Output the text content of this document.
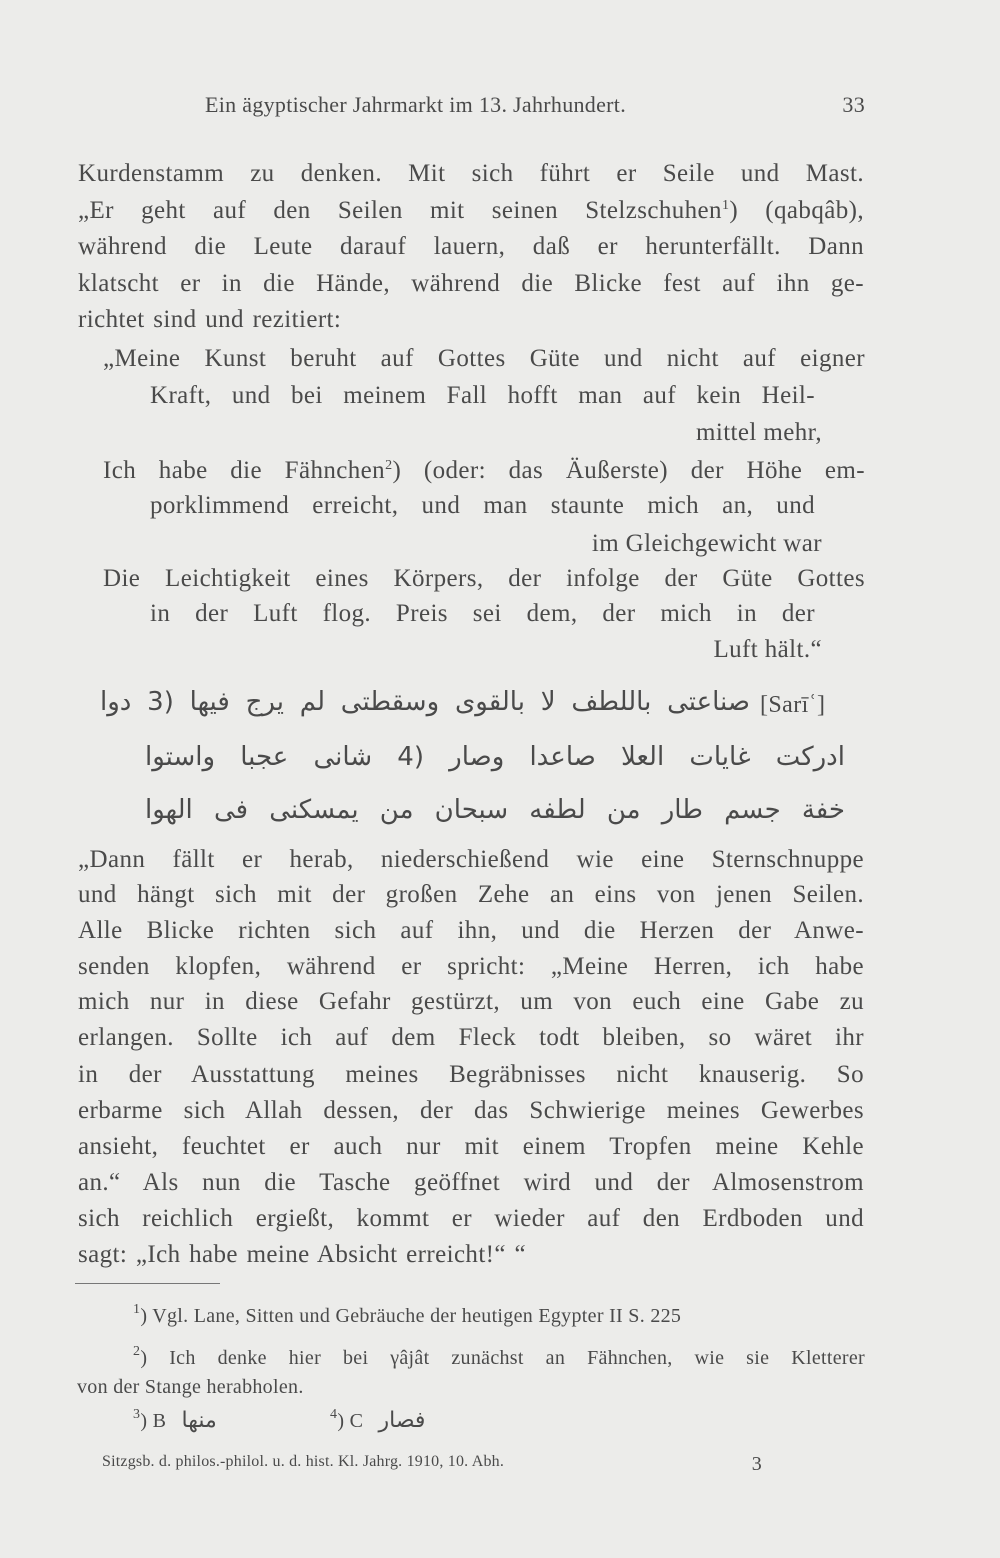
Ein ägyptischer Jahrmarkt im 13. Jahrhundert.	33
Kurdenstamm zu denken. Mit sich führt er Seile und Mast.
„Er geht auf den Seilen mit seinen Stelzschuhen$^1$) (qabqâb),
während die Leute darauf lauern, daß er herunterfällt. Dann
klatscht er in die Hände, während die Blicke fest auf ihn ge-
richtet sind und rezitiert:
„Meine Kunst beruht auf Gottes Güte und nicht auf eigner
Kraft, und bei meinem Fall hofft man auf kein Heil-
mittel mehr,
Ich habe die Fähnchen$^2$) (oder: das Äußerste) der Höhe em-
porklimmend erreicht, und man staunte mich an, und
im Gleichgewicht war
Die Leichtigkeit eines Körpers, der infolge der Güte Gottes
in der Luft flog. Preis sei dem, der mich in der
Luft hält.“
[Sarīʿ]
صناعتى باللطف لا بالقوى وسقطتى لم يرج فيها (3 دوا
ادركت غايات العلا صاعدا وصار (4 شانى عجبا واستوا
خفة جسم طار من لطفه سبحان من يمسكنى فى الهوا
„Dann fällt er herab, niederschießend wie eine Sternschnuppe
und hängt sich mit der großen Zehe an eins von jenen Seilen.
Alle Blicke richten sich auf ihn, und die Herzen der Anwe-
senden klopfen, während er spricht: „Meine Herren, ich habe
mich nur in diese Gefahr gestürzt, um von euch eine Gabe zu
erlangen. Sollte ich auf dem Fleck todt bleiben, so wäret ihr
in der Ausstattung meines Begräbnisses nicht knauserig. So
erbarme sich Allah dessen, der das Schwierige meines Gewerbes
ansieht, feuchtet er auch nur mit einem Tropfen meine Kehle
an.“ Als nun die Tasche geöffnet wird und der Almosenstrom
sich reichlich ergießt, kommt er wieder auf den Erdboden und
sagt: „Ich habe meine Absicht erreicht!“ “
$^1$) Vgl. Lane, Sitten und Gebräuche der heutigen Egypter II S. 225
$^2$) Ich denke hier bei γâjât zunächst an Fähnchen, wie sie Kletterer
von der Stange herabholen.
$^3$) B منها	$^4$) C فصار
Sitzgsb. d. philos.-philol. u. d. hist. Kl. Jahrg. 1910, 10. Abh.	3
